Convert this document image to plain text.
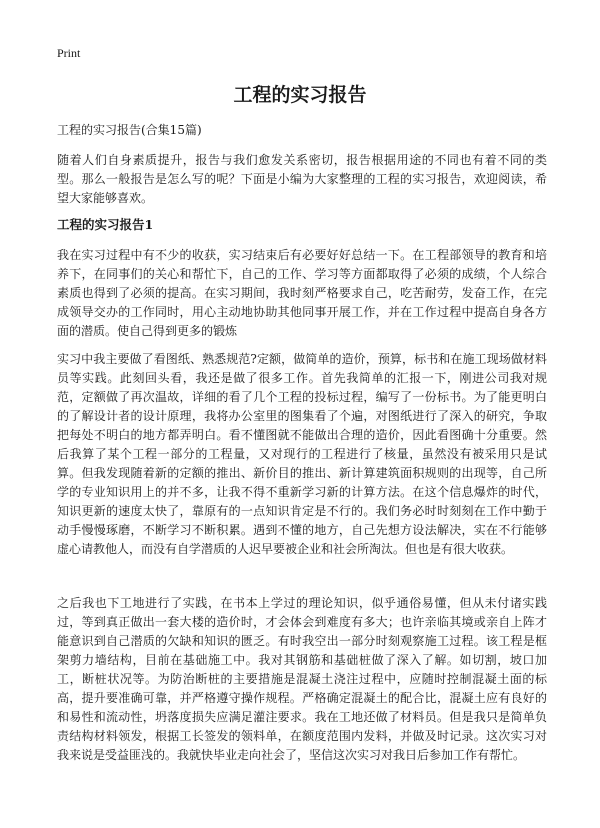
Print
工程的实习报告

工程的实习报告(合集15篇)

随着人们自身素质提升，报告与我们愈发关系密切，报告根据用途的不同也有着不同的类型。那么一般报告是怎么写的呢？下面是小编为大家整理的工程的实习报告，欢迎阅读，希望大家能够喜欢。

工程的实习报告1

我在实习过程中有不少的收获，实习结束后有必要好好总结一下。在工程部领导的教育和培养下，在同事们的关心和帮忙下，自己的工作、学习等方面都取得了必须的成绩，个人综合素质也得到了必须的提高。在实习期间，我时刻严格要求自己，吃苦耐劳，发奋工作，在完成领导交办的工作同时，用心主动地协助其他同事开展工作，并在工作过程中提高自身各方面的潜质。使自己得到更多的锻炼

实习中我主要做了看图纸、熟悉规范?定额，做简单的造价，预算，标书和在施工现场做材料员等实践。此刻回头看，我还是做了很多工作。首先我简单的汇报一下，刚进公司我对规范，定额做了再次温故，详细的看了几个工程的投标过程，编写了一份标书。为了能更明白的了解设计者的设计原理，我将办公室里的图集看了个遍，对图纸进行了深入的研究，争取把每处不明白的地方都弄明白。看不懂图就不能做出合理的造价，因此看图确十分重要。然后我算了某个工程一部分的工程量，又对现行的工程进行了核量，虽然没有被采用只是试算。但我发现随着新的定额的推出、新价目的推出、新计算建筑面积规则的出现等，自己所学的专业知识用上的并不多，让我不得不重新学习新的计算方法。在这个信息爆炸的时代，知识更新的速度太快了，靠原有的一点知识肯定是不行的。我们务必时时刻刻在工作中勤于动手慢慢琢磨，不断学习不断积累。遇到不懂的地方，自己先想方设法解决，实在不行能够虚心请教他人，而没有自学潜质的人迟早要被企业和社会所淘汰。但也是有很大收获。

之后我也下工地进行了实践，在书本上学过的理论知识，似乎通俗易懂，但从未付诸实践过，等到真正做出一套大楼的造价时，才会体会到难度有多大；也许亲临其境或亲自上阵才能意识到自己潜质的欠缺和知识的匮乏。有时我空出一部分时刻观察施工过程。该工程是框架剪力墙结构，目前在基础施工中。我对其钢筋和基础桩做了深入了解。如切割，坡口加工，断桩状况等。为防治断桩的主要措施是混凝土浇注过程中，应随时控制混凝土面的标高，提升要准确可靠，并严格遵守操作规程。严格确定混凝土的配合比，混凝土应有良好的和易性和流动性，坍落度损失应满足灌注要求。我在工地还做了材料员。但是我只是简单负责结构材料领发，根据工长签发的领料单，在额度范围内发料，并做及时记录。这次实习对我来说是受益匪浅的。我就快毕业走向社会了，坚信这次实习对我日后参加工作有帮忙。
